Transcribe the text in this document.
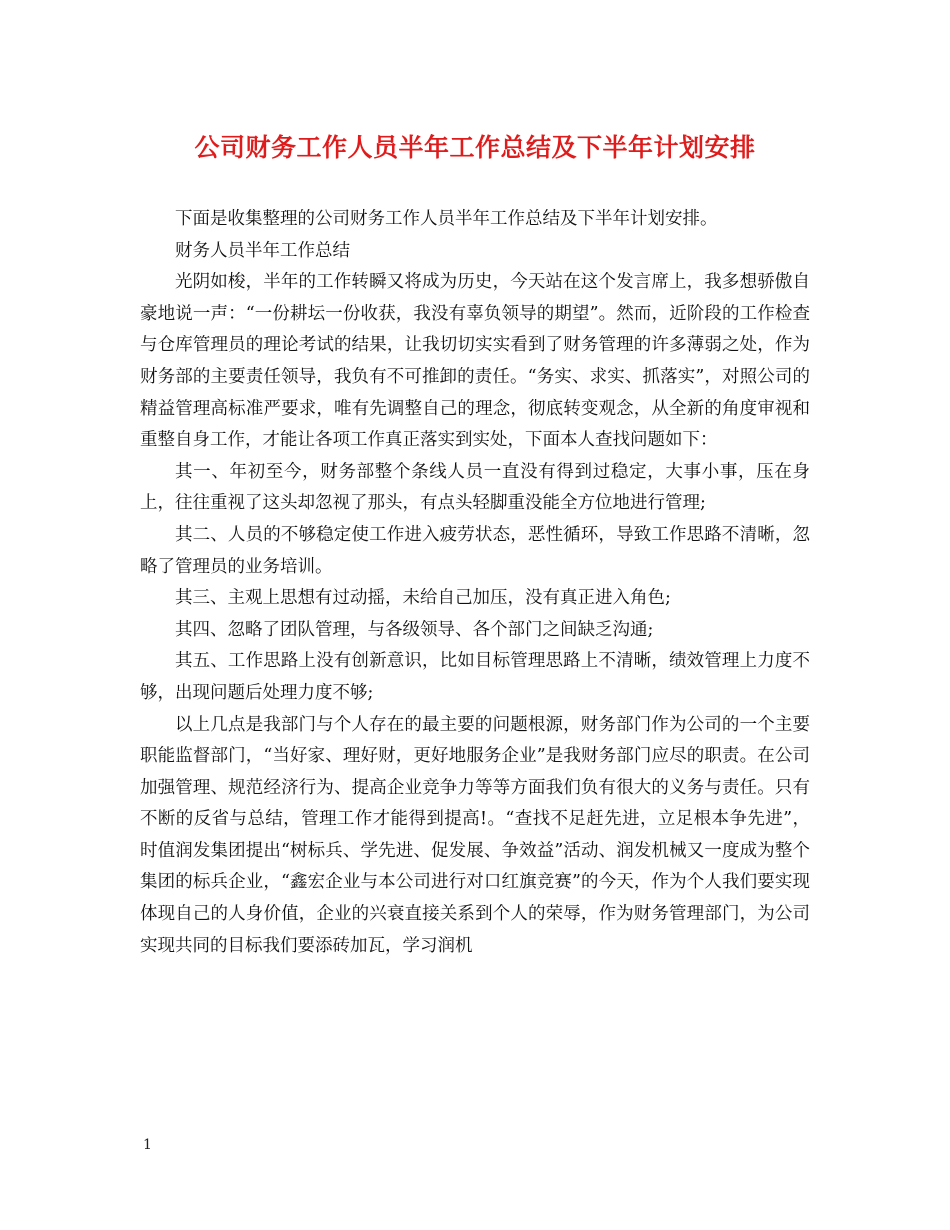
公司财务工作人员半年工作总结及下半年计划安排

下面是收集整理的公司财务工作人员半年工作总结及下半年计划安排。

财务人员半年工作总结

光阴如梭，半年的工作转瞬又将成为历史，今天站在这个发言席上，我多想骄傲自豪地说一声：“一份耕坛一份收获，我没有辜负领导的期望”。然而，近阶段的工作检查与仓库管理员的理论考试的结果，让我切切实实看到了财务管理的许多薄弱之处，作为财务部的主要责任领导，我负有不可推卸的责任。“务实、求实、抓落实”，对照公司的精益管理高标准严要求，唯有先调整自己的理念，彻底转变观念，从全新的角度审视和重整自身工作，才能让各项工作真正落实到实处，下面本人查找问题如下：

其一、年初至今，财务部整个条线人员一直没有得到过稳定，大事小事，压在身上，往往重视了这头却忽视了那头，有点头轻脚重没能全方位地进行管理;

其二、人员的不够稳定使工作进入疲劳状态，恶性循环，导致工作思路不清晰，忽略了管理员的业务培训。

其三、主观上思想有过动摇，未给自己加压，没有真正进入角色;

其四、忽略了团队管理，与各级领导、各个部门之间缺乏沟通;

其五、工作思路上没有创新意识，比如目标管理思路上不清晰，绩效管理上力度不够，出现问题后处理力度不够;

以上几点是我部门与个人存在的最主要的问题根源，财务部门作为公司的一个主要职能监督部门，“当好家、理好财，更好地服务企业”是我财务部门应尽的职责。在公司加强管理、规范经济行为、提高企业竞争力等等方面我们负有很大的义务与责任。只有不断的反省与总结，管理工作才能得到提高!。“查找不足赶先进，立足根本争先进”，时值润发集团提出“树标兵、学先进、促发展、争效益”活动、润发机械又一度成为整个集团的标兵企业，“鑫宏企业与本公司进行对口红旗竞赛”的今天，作为个人我们要实现体现自己的人身价值，企业的兴衰直接关系到个人的荣辱，作为财务管理部门，为公司实现共同的目标我们要添砖加瓦，学习润机

1
